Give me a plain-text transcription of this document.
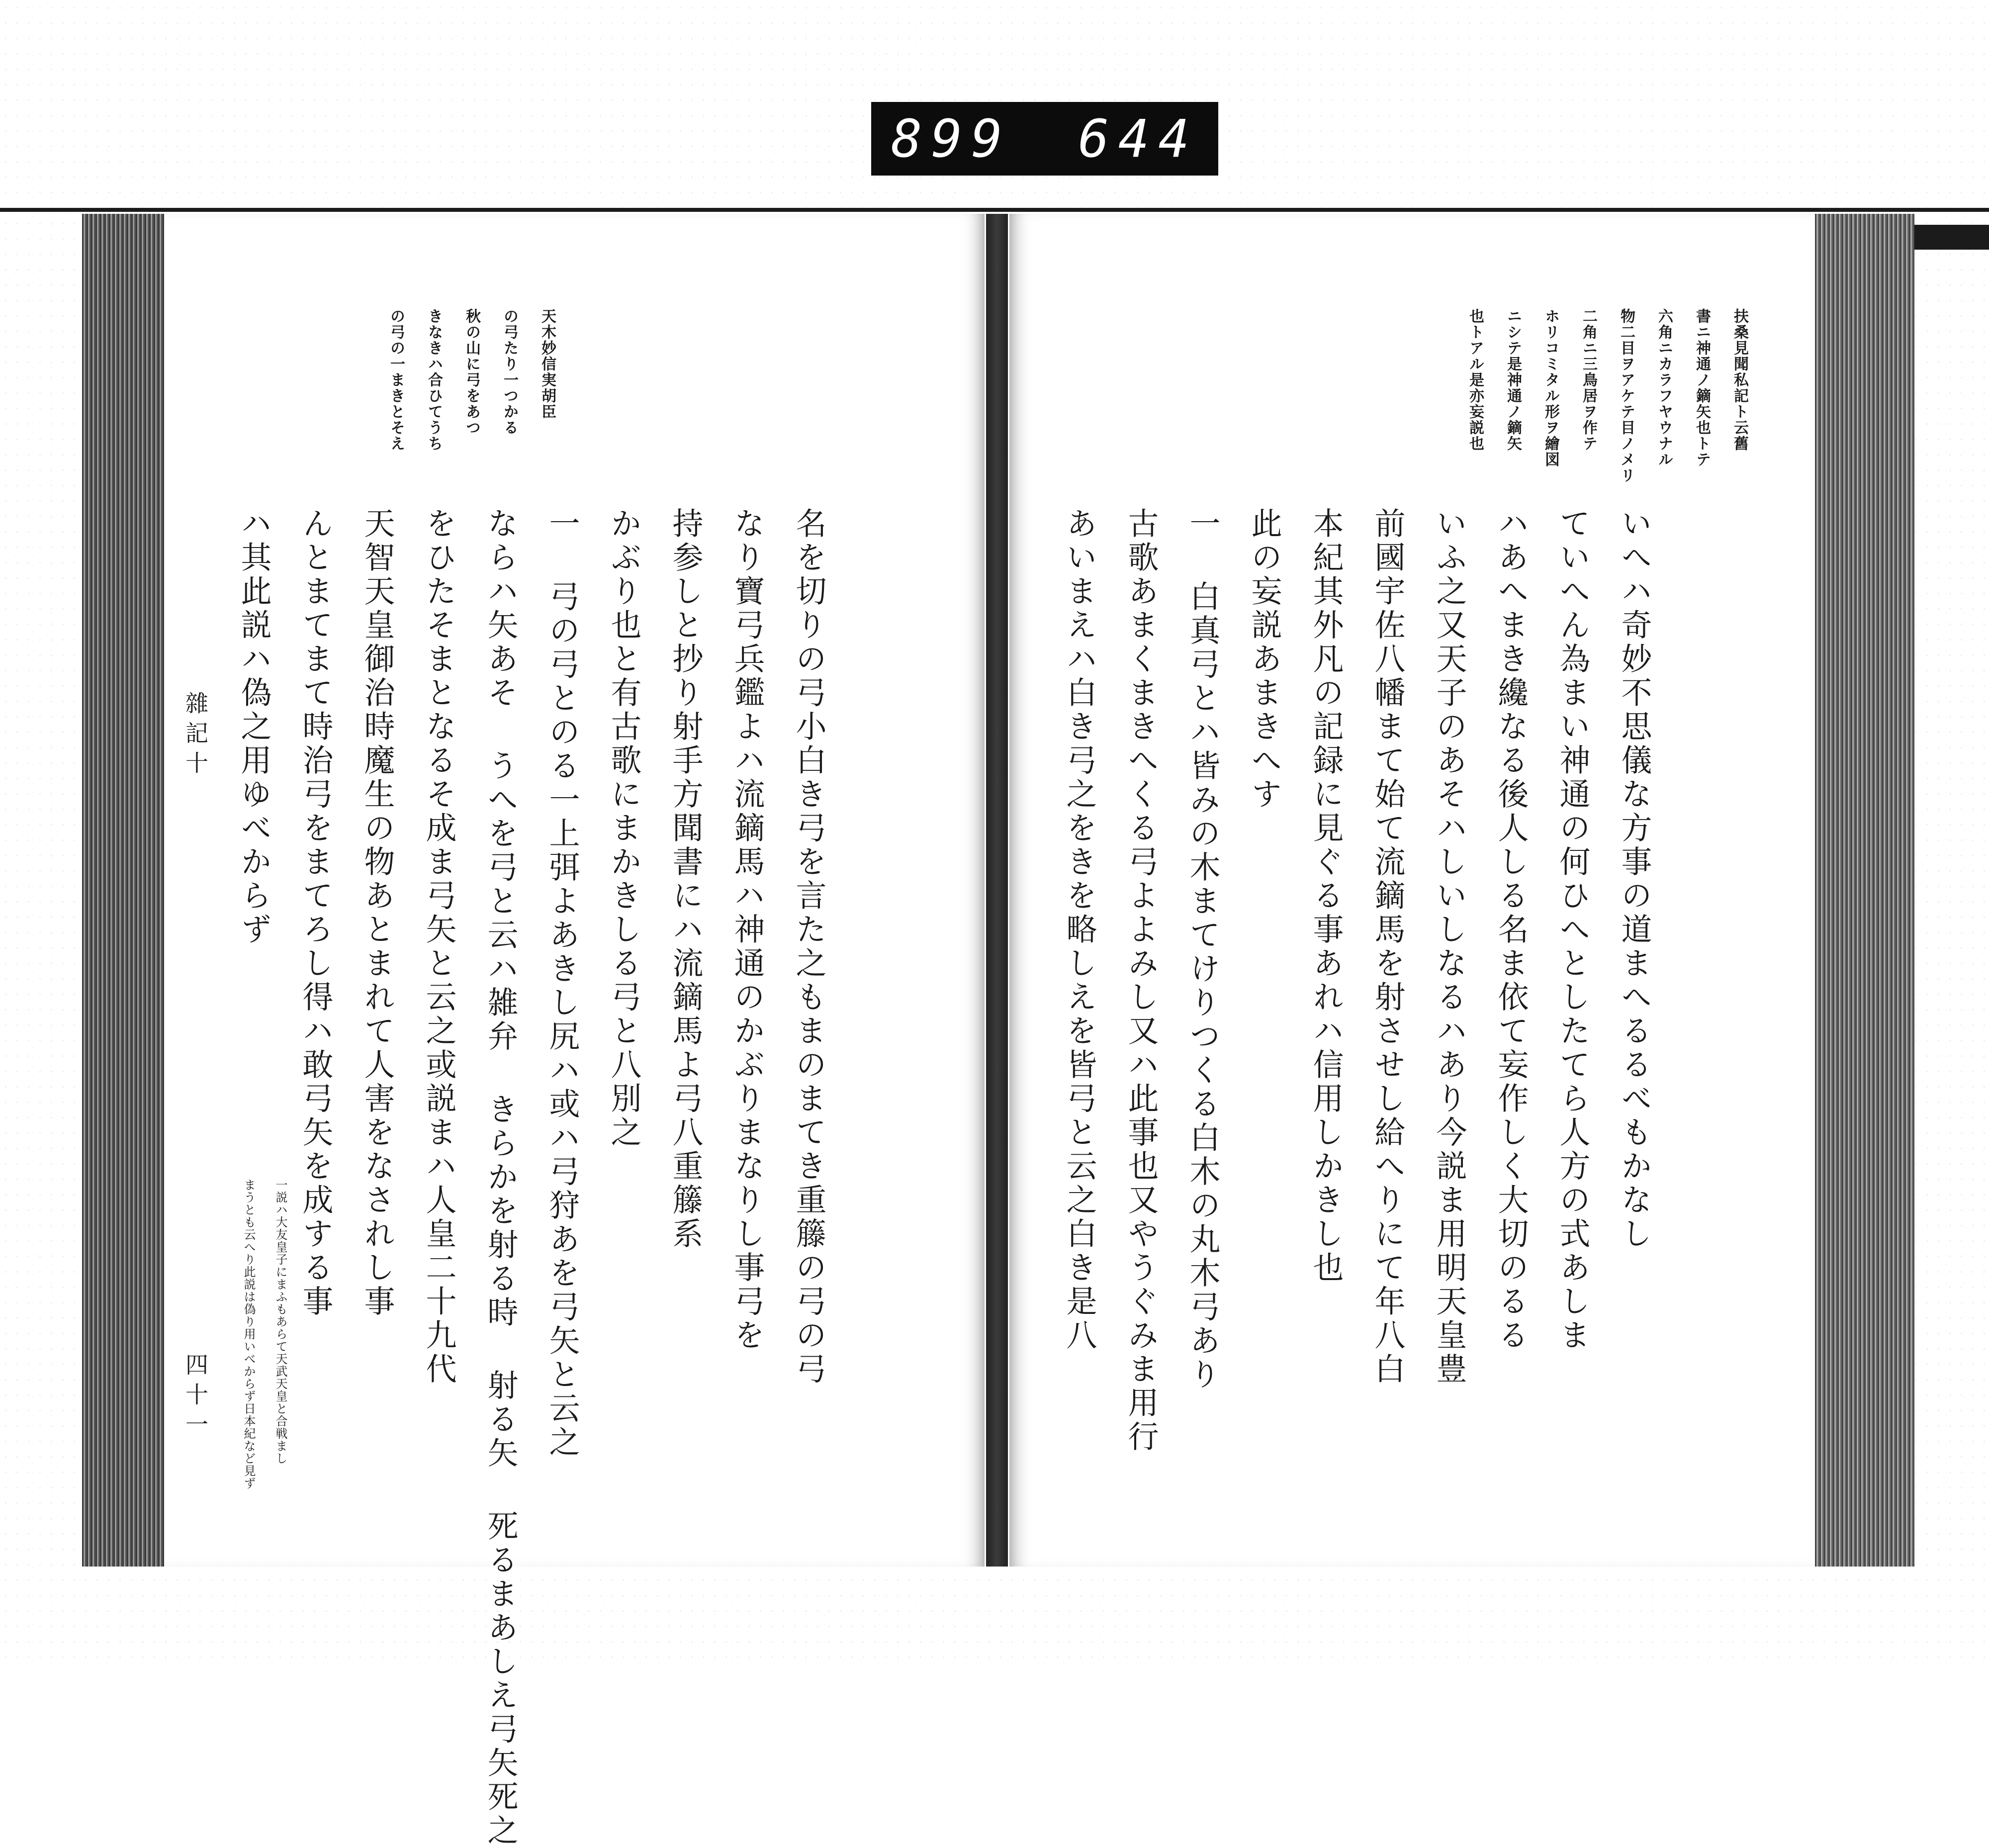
899 644

天木妙信実胡臣

の弓たり一つかる

秋の山に弓をあつ

きなきハ合ひてうち

の弓の一まきとそえ

名を切りの弓小白き弓を言た之もまのまてき重籐の弓の弓

なり寶弓兵鑑よハ流鏑馬ハ神通のかぶりまなりし事弓を

持参しと抄り射手方聞書にハ流鏑馬よ弓八重籐系

かぶり也と有古歌にまかきしる弓と八別之

一 弓の弓とのる一上弭よあきし尻ハ或ハ弓狩あを弓矢と云之

ならハ矢あそ うへを弓と云ハ雑弁 きらかを射る時 射る矢 死るまあしえ弓矢死之

をひたそまとなるそ成ま弓矢と云之或説まハ人皇二十九代

天智天皇御治時魔生の物あとまれて人害をなされし事

んとまてまて時治弓をまてろし得ハ敢弓矢を成する事

ハ其此説ハ偽之用ゆべからず

一説ハ大友皇子にまふもあらて天武天皇と合戦まし

まうとも云へり此説は偽り用いべからず日本紀など見ず

雜記十
四十一

扶桑見聞私記ト云舊

書ニ神通ノ鏑矢也トテ

六角ニカラフヤウナル

物二目ヲアケテ目ノメリ

二角ニ三鳥居ヲ作テ

ホリコミタル形ヲ繪図

ニシテ是神通ノ鏑矢

也トアル是亦妄説也

いへハ奇妙不思儀な方事の道まへるるべもかなし

ていへん為まい神通の何ひへとしたてら人方の式あしま

ハあへまき纔なる後人しる名ま依て妄作しく大切のるる

いふ之又天子のあそハしいしなるハあり今説ま用明天皇豊

前國宇佐八幡まて始て流鏑馬を射させし給へりにて年八白

本紀其外凡の記録に見ぐる事あれハ信用しかきし也

此の妄説あまきへす

一 白真弓とハ皆みの木まてけりつくる白木の丸木弓あり

古歌あまくまきへくる弓よよみし又ハ此事也又やうぐみま用行

あいまえハ白き弓之をきを略しえを皆弓と云之白き是八
